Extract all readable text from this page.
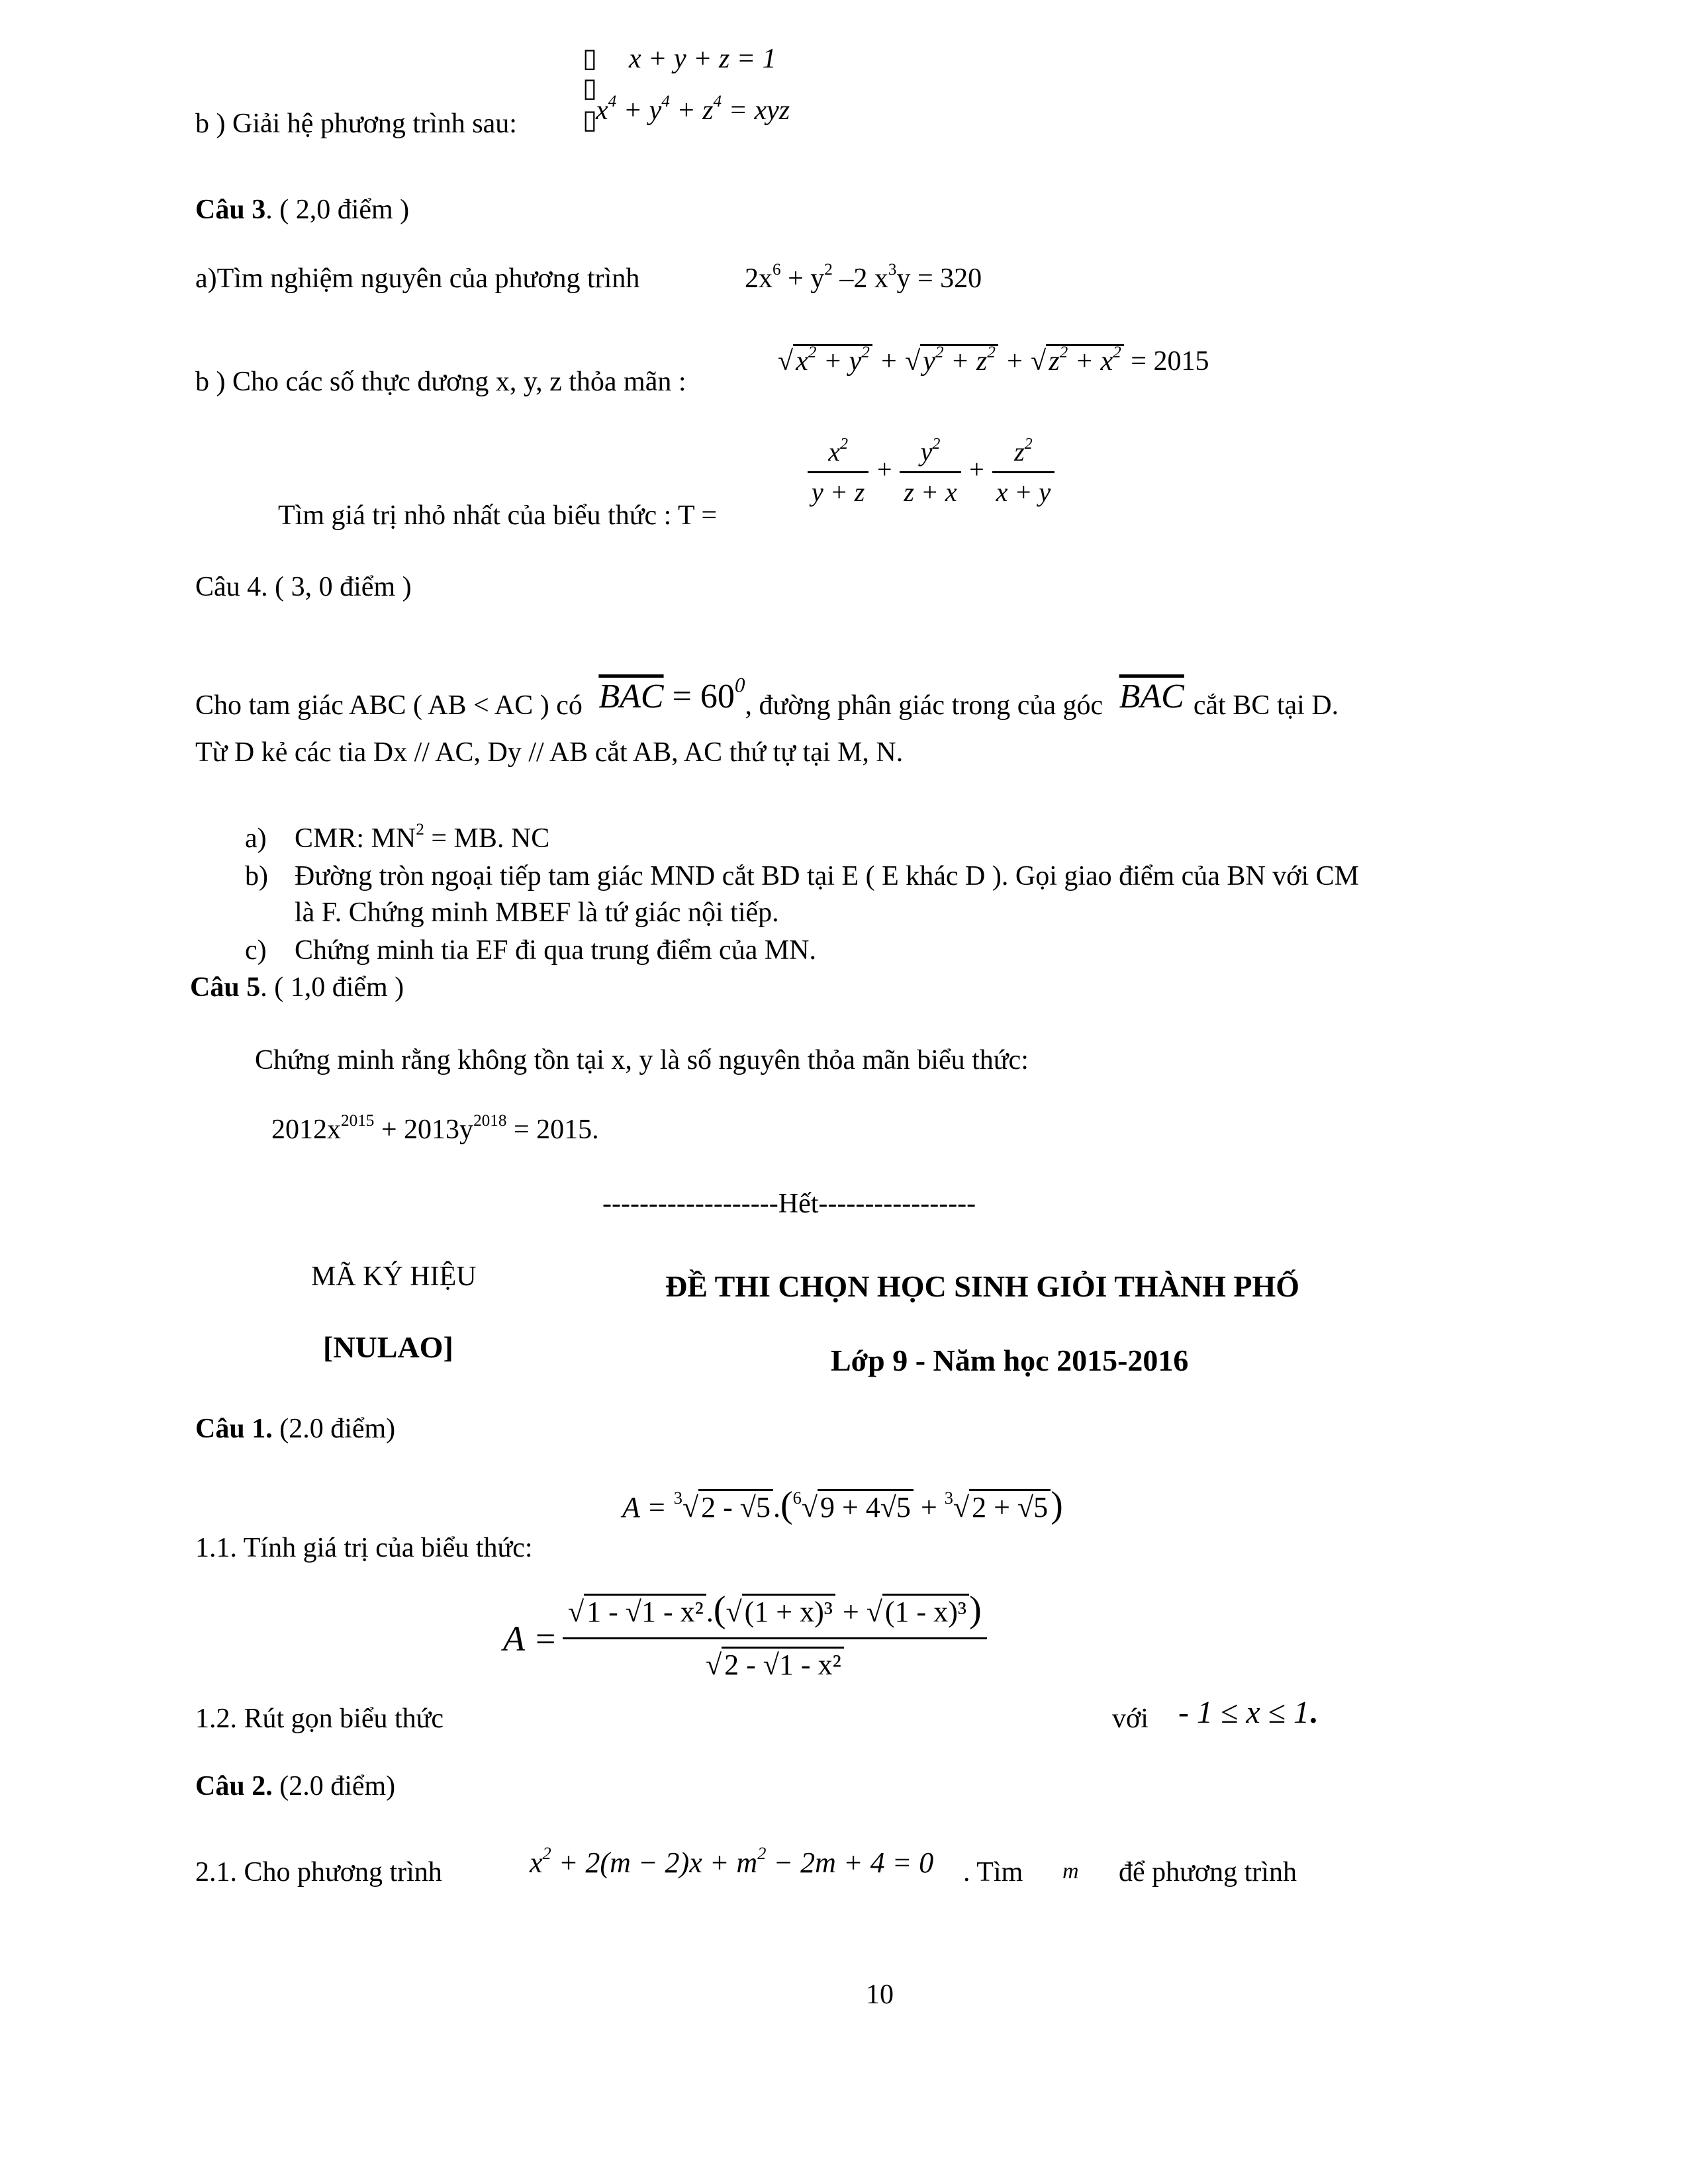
x + y + z = 1
▯
▯
▯
$x^4 + y^4 + z^4$ = xyz
b ) Giải hệ phương trình sau:
Câu 3. ( 2,0 điểm )
a)Tìm nghiệm nguyên của phương trình	$2x^6 + y^2$ –2 $x^3y = 320$
b ) Cho các số thực dương x, y, z thỏa mãn :
$√x^2 + y^2 + √y^2 + z^2 + √z^2 + x^2 = 2015$
Tìm giá trị nhỏ nhất của biểu thức : T =
$\frac{x^2}{y + z} + \frac{y^2}{z + x} + \frac{z^2}{x + y}$
Câu 4. ( 3, 0 điểm )
Cho tam giác ABC ( AB < AC ) có $\overline{BAC} = 60^0$, đường phân giác trong của góc $\overline{BAC}$ cắt BC tại D.
Từ D kẻ các tia Dx // AC, Dy // AB cắt AB, AC thứ tự tại M, N.
a) CMR: $MN^2$ = MB. NC
b) Đường tròn ngoại tiếp tam giác MND cắt BD tại E ( E khác D ). Gọi giao điểm của BN với CM
là F. Chứng minh MBEF là tứ giác nội tiếp.
c) Chứng minh tia EF đi qua trung điểm của MN.
Câu 5. ( 1,0 điểm )
Chứng minh rằng không tồn tại x, y là số nguyên thỏa mãn biểu thức:
$2012x^{2015} + 2013y^{2018} = 2015$.
-------------------Hết-----------------
MÃ KÝ HIỆU
[NULAO]
ĐỀ THI CHỌN HỌC SINH GIỎI THÀNH PHỐ
Lớp 9 - Năm học 2015-2016
Câu 1. (2.0 điểm)
A = $^3$√2 - √5.($^6$√9 + 4√5 + $^3$√2 + √5)
1.1. Tính giá trị của biểu thức:
$A = \frac{\text{√1 - √1 - x².(√(1 + x)³ + √(1 - x)³)}}{\text{√2 - √1 - x²}}$
1.2. Rút gọn biểu thức	với - 1 ≤ x ≤ 1.
Câu 2. (2.0 điểm)
2.1. Cho phương trình	$x^2 + 2(m - 2)x + m^2 - 2m + 4 = 0$ . Tìm m để phương trình
10
